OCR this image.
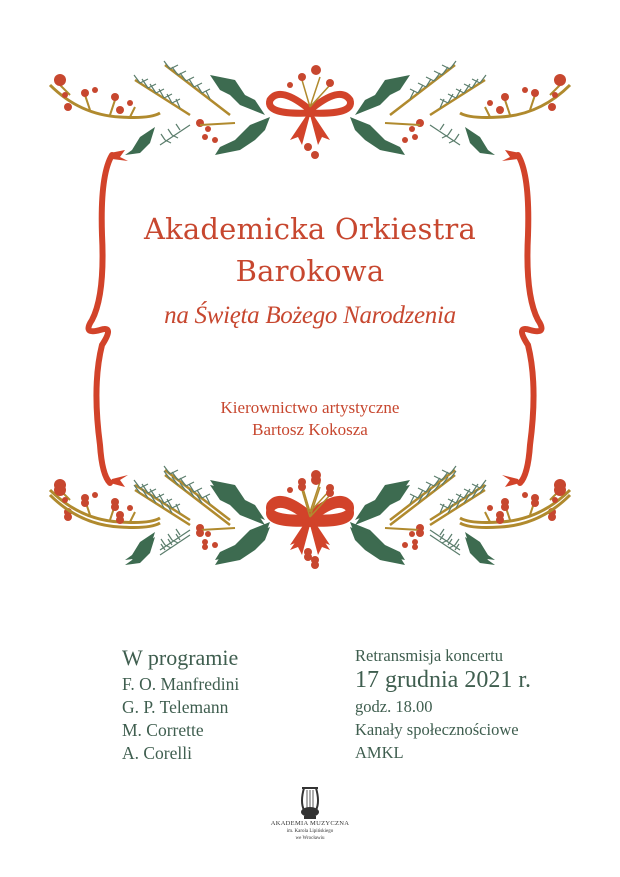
Akademicka Orkiestra
Barokowa
na Święta Bożego Narodzenia
Kierownictwo artystyczne
Bartosz Kokosza
W programie
F. O. Manfredini
G. P. Telemann
M. Corrette
A. Corelli
Retransmisja koncertu
17 grudnia 2021 r.
godz. 18.00
Kanały społecznościowe
AMKL
AKADEMIA MUZYCZNA
im. Karola Lipińskiego
we Wrocławiu
